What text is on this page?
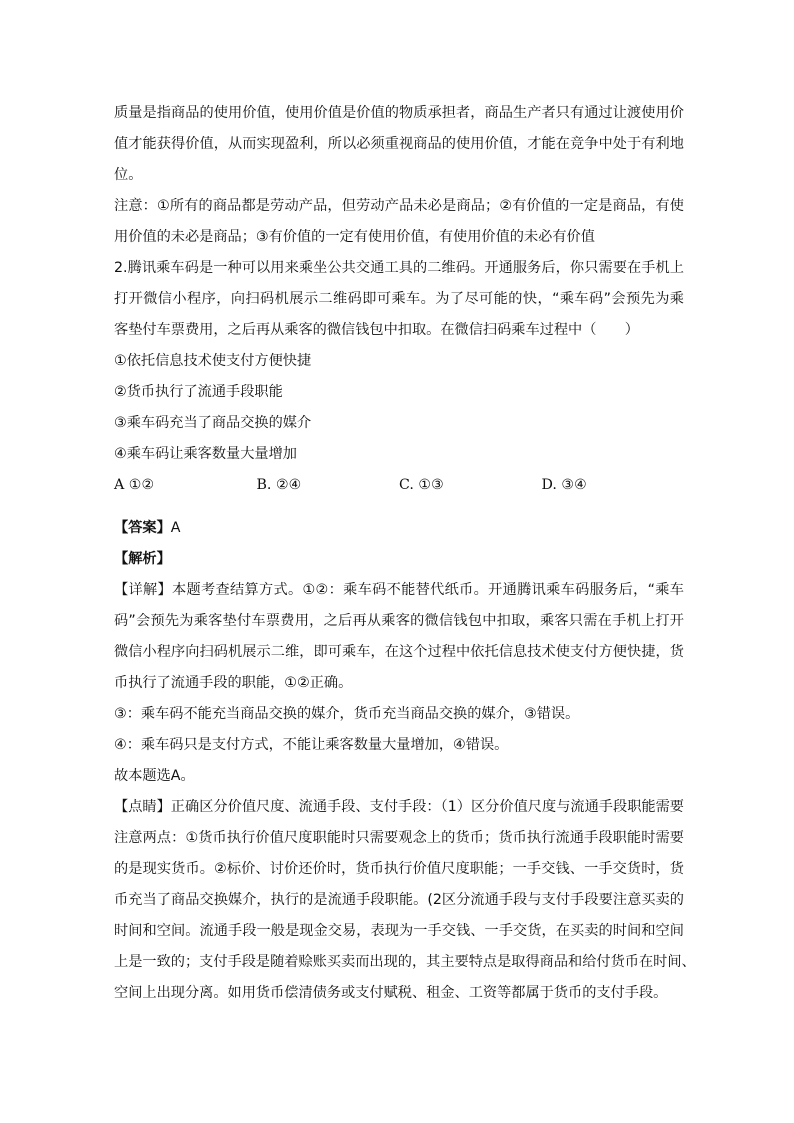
质量是指商品的使用价值，使用价值是价值的物质承担者，商品生产者只有通过让渡使用价
值才能获得价值，从而实现盈利，所以必须重视商品的使用价值，才能在竞争中处于有利地
位。
注意：①所有的商品都是劳动产品，但劳动产品未必是商品；②有价值的一定是商品，有使
用价值的未必是商品；③有价值的一定有使用价值，有使用价值的未必有价值
2.腾讯乘车码是一种可以用来乘坐公共交通工具的二维码。开通服务后，你只需要在手机上
打开微信小程序，向扫码机展示二维码即可乘车。为了尽可能的快，“乘车码”会预先为乘
客垫付车票费用，之后再从乘客的微信钱包中扣取。在微信扫码乘车过程中（　　）
①依托信息技术使支付方便快捷
②货币执行了流通手段职能
③乘车码充当了商品交换的媒介
④乘车码让乘客数量大量增加
A ①②	B. ②④	C. ①③	D. ③④
【答案】A
【解析】
【详解】本题考查结算方式。①②：乘车码不能替代纸币。开通腾讯乘车码服务后，“乘车
码”会预先为乘客垫付车票费用，之后再从乘客的微信钱包中扣取，乘客只需在手机上打开
微信小程序向扫码机展示二维，即可乘车，在这个过程中依托信息技术使支付方便快捷，货
币执行了流通手段的职能，①②正确。
③：乘车码不能充当商品交换的媒介，货币充当商品交换的媒介，③错误。
④：乘车码只是支付方式，不能让乘客数量大量增加，④错误。
故本题选A。
【点睛】正确区分价值尺度、流通手段、支付手段：（1）区分价值尺度与流通手段职能需要
注意两点：①货币执行价值尺度职能时只需要观念上的货币；货币执行流通手段职能时需要
的是现实货币。②标价、讨价还价时，货币执行价值尺度职能；一手交钱、一手交货时，货
币充当了商品交换媒介，执行的是流通手段职能。(2区分流通手段与支付手段要注意买卖的
时间和空间。流通手段一般是现金交易，表现为一手交钱、一手交货，在买卖的时间和空间
上是一致的；支付手段是随着赊账买卖而出现的，其主要特点是取得商品和给付货币在时间、
空间上出现分离。如用货币偿清债务或支付赋税、租金、工资等都属于货币的支付手段。
